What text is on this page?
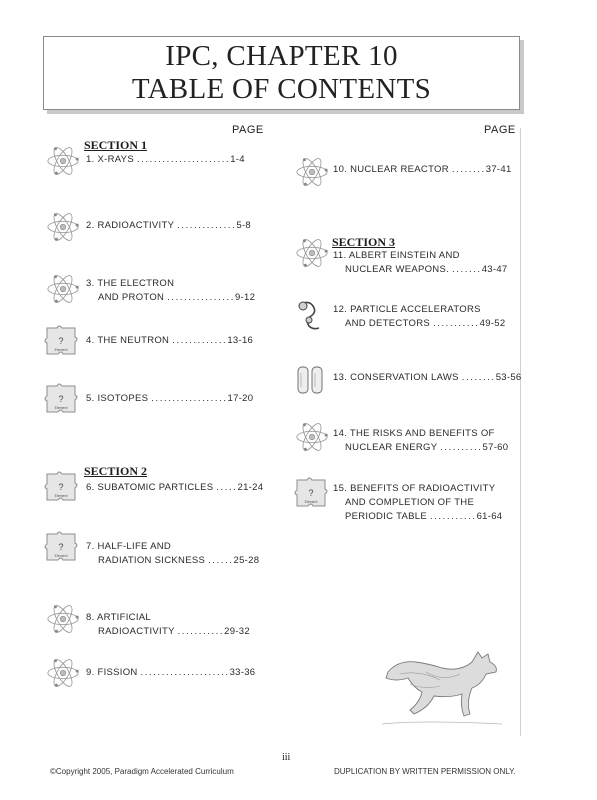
IPC, CHAPTER 10
TABLE OF CONTENTS
PAGE	PAGE
SECTION 1
SECTION 2
SECTION 3
1. X-RAYS ......................1-4
2. RADIOACTIVITY ..............5-8
3. THE ELECTRON
AND PROTON ................9-12
?
Element
4. THE NEUTRON .............13-16
?
Element
5. ISOTOPES ..................17-20
?
Element
6. SUBATOMIC PARTICLES .....21-24
?
Element
7. HALF-LIFE AND
RADIATION SICKNESS ......25-28
8. ARTIFICIAL
RADIOACTIVITY ...........29-32
9. FISSION .....................33-36
10. NUCLEAR REACTOR ........37-41
11. ALBERT EINSTEIN AND
NUCLEAR WEAPONS. .......43-47
12. PARTICLE ACCELERATORS
AND DETECTORS ...........49-52
13. CONSERVATION LAWS ........53-56
14. THE RISKS AND BENEFITS OF
NUCLEAR ENERGY ..........57-60
?
Element
15. BENEFITS OF RADIOACTIVITY
AND COMPLETION OF THE
PERIODIC TABLE ...........61-64
iii
©Copyright 2005, Paradigm Accelerated Curriculum	DUPLICATION BY WRITTEN PERMISSION ONLY.
